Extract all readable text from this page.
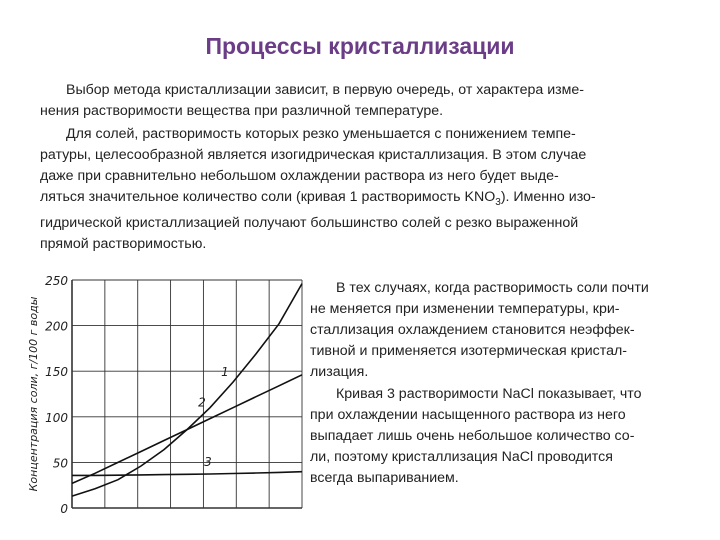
Процессы кристаллизации
Выбор метода кристаллизации зависит, в первую очередь, от характера изме-
нения растворимости вещества при различной температуре.
Для солей, растворимость которых резко уменьшается с понижением темпе-
ратуры, целесообразной является изогидрическая кристаллизация. В этом случае
даже при сравнительно небольшом охлаждении раствора из него будет выде-
ляться значительное количество соли (кривая 1 растворимость $KNO_3$). Именно изо-
гидрической кристаллизацией получают большинство солей с резко выраженной
прямой растворимостью.
В тех случаях, когда растворимость соли почти
не меняется при изменении температуры, кри-
сталлизация охлаждением становится неэффек-
тивной и применяется изотермическая кристал-
лизация.
Кривая 3 растворимости NaCl показывает, что
при охлаждении насыщенного раствора из него
выпадает лишь очень небольшое количество со-
ли, поэтому кристаллизация NaCl проводится
всегда выпариванием.
0
50
100
150
200
250
Концентрация соли, г/100 г воды	1
2
3
